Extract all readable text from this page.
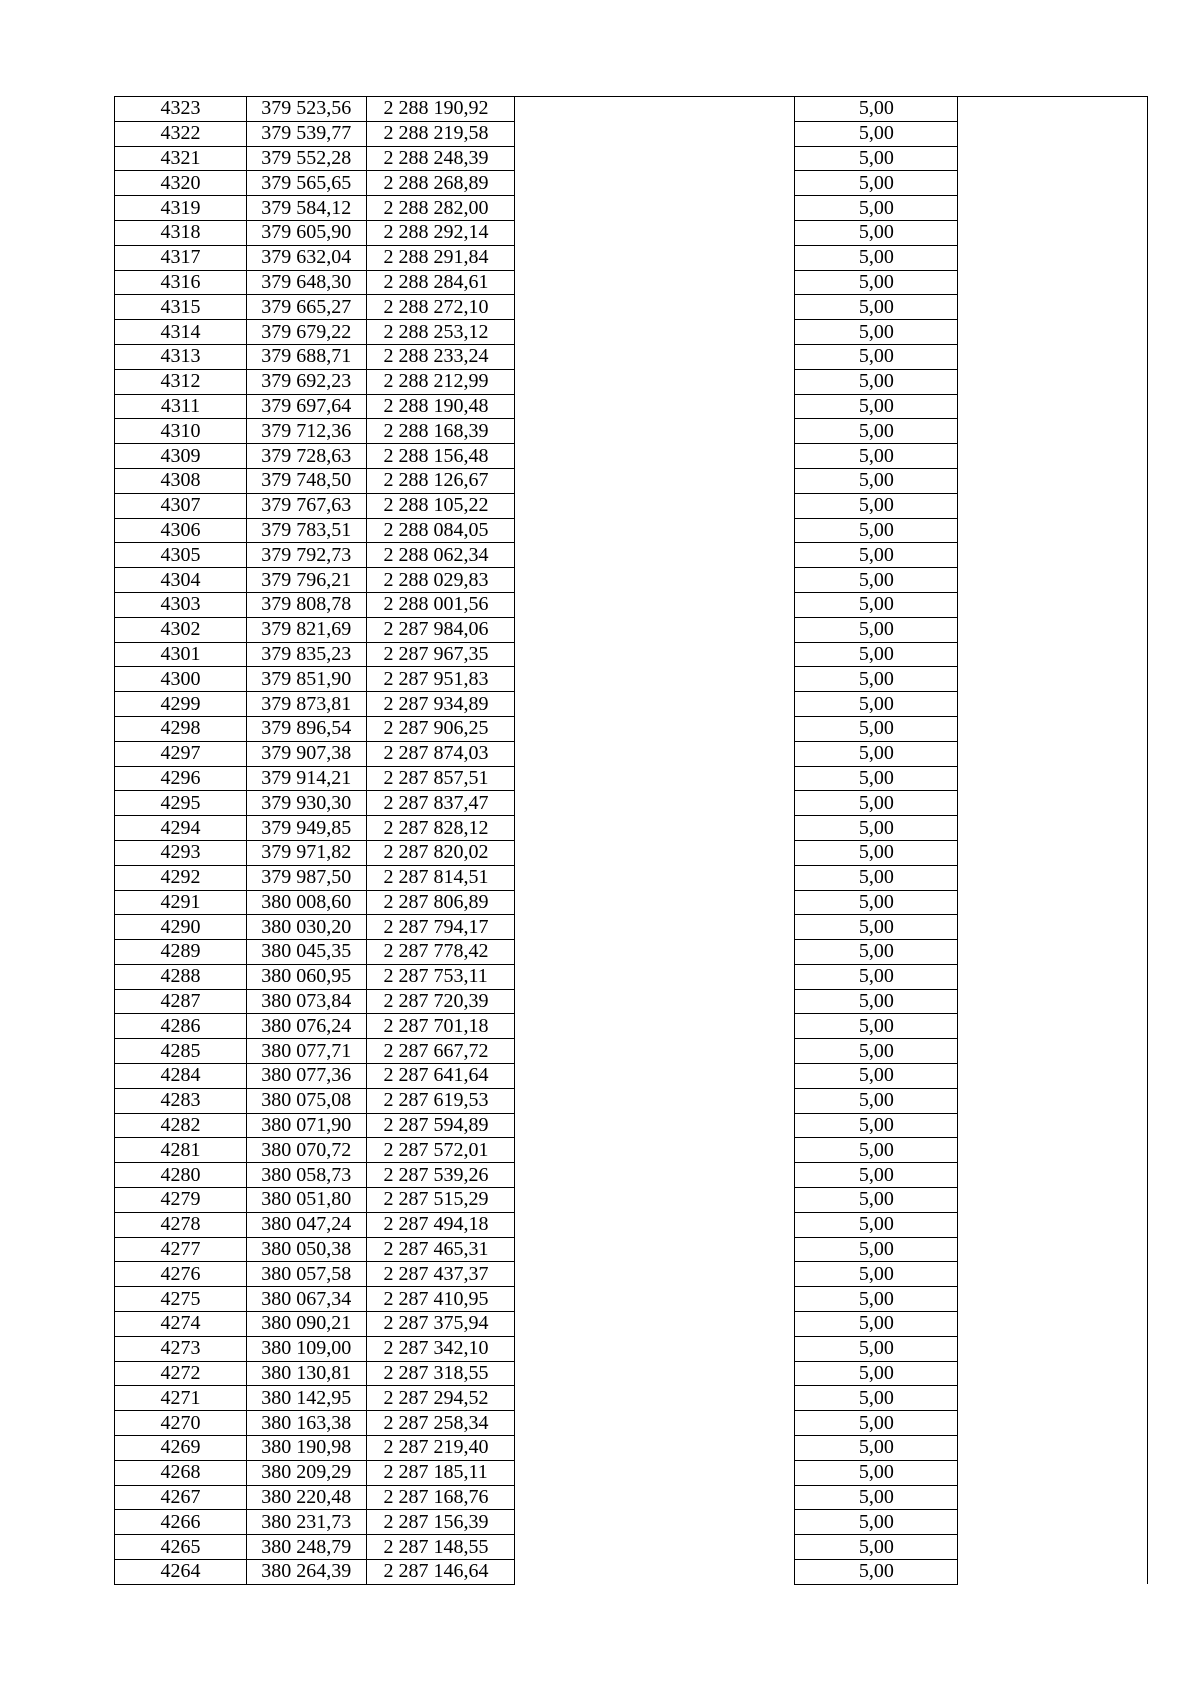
4323	379 523,56	2 288 190,92		5,00	
4322	379 539,77	2 288 219,58		5,00	
4321	379 552,28	2 288 248,39		5,00	
4320	379 565,65	2 288 268,89		5,00	
4319	379 584,12	2 288 282,00		5,00	
4318	379 605,90	2 288 292,14		5,00	
4317	379 632,04	2 288 291,84		5,00	
4316	379 648,30	2 288 284,61		5,00	
4315	379 665,27	2 288 272,10		5,00	
4314	379 679,22	2 288 253,12		5,00	
4313	379 688,71	2 288 233,24		5,00	
4312	379 692,23	2 288 212,99		5,00	
4311	379 697,64	2 288 190,48		5,00	
4310	379 712,36	2 288 168,39		5,00	
4309	379 728,63	2 288 156,48		5,00	
4308	379 748,50	2 288 126,67		5,00	
4307	379 767,63	2 288 105,22		5,00	
4306	379 783,51	2 288 084,05		5,00	
4305	379 792,73	2 288 062,34		5,00	
4304	379 796,21	2 288 029,83		5,00	
4303	379 808,78	2 288 001,56		5,00	
4302	379 821,69	2 287 984,06		5,00	
4301	379 835,23	2 287 967,35		5,00	
4300	379 851,90	2 287 951,83		5,00	
4299	379 873,81	2 287 934,89		5,00	
4298	379 896,54	2 287 906,25		5,00	
4297	379 907,38	2 287 874,03		5,00	
4296	379 914,21	2 287 857,51		5,00	
4295	379 930,30	2 287 837,47		5,00	
4294	379 949,85	2 287 828,12		5,00	
4293	379 971,82	2 287 820,02		5,00	
4292	379 987,50	2 287 814,51		5,00	
4291	380 008,60	2 287 806,89		5,00	
4290	380 030,20	2 287 794,17		5,00	
4289	380 045,35	2 287 778,42		5,00	
4288	380 060,95	2 287 753,11		5,00	
4287	380 073,84	2 287 720,39		5,00	
4286	380 076,24	2 287 701,18		5,00	
4285	380 077,71	2 287 667,72		5,00	
4284	380 077,36	2 287 641,64		5,00	
4283	380 075,08	2 287 619,53		5,00	
4282	380 071,90	2 287 594,89		5,00	
4281	380 070,72	2 287 572,01		5,00	
4280	380 058,73	2 287 539,26		5,00	
4279	380 051,80	2 287 515,29		5,00	
4278	380 047,24	2 287 494,18		5,00	
4277	380 050,38	2 287 465,31		5,00	
4276	380 057,58	2 287 437,37		5,00	
4275	380 067,34	2 287 410,95		5,00	
4274	380 090,21	2 287 375,94		5,00	
4273	380 109,00	2 287 342,10		5,00	
4272	380 130,81	2 287 318,55		5,00	
4271	380 142,95	2 287 294,52		5,00	
4270	380 163,38	2 287 258,34		5,00	
4269	380 190,98	2 287 219,40		5,00	
4268	380 209,29	2 287 185,11		5,00	
4267	380 220,48	2 287 168,76		5,00	
4266	380 231,73	2 287 156,39		5,00	
4265	380 248,79	2 287 148,55		5,00	
4264	380 264,39	2 287 146,64		5,00	
